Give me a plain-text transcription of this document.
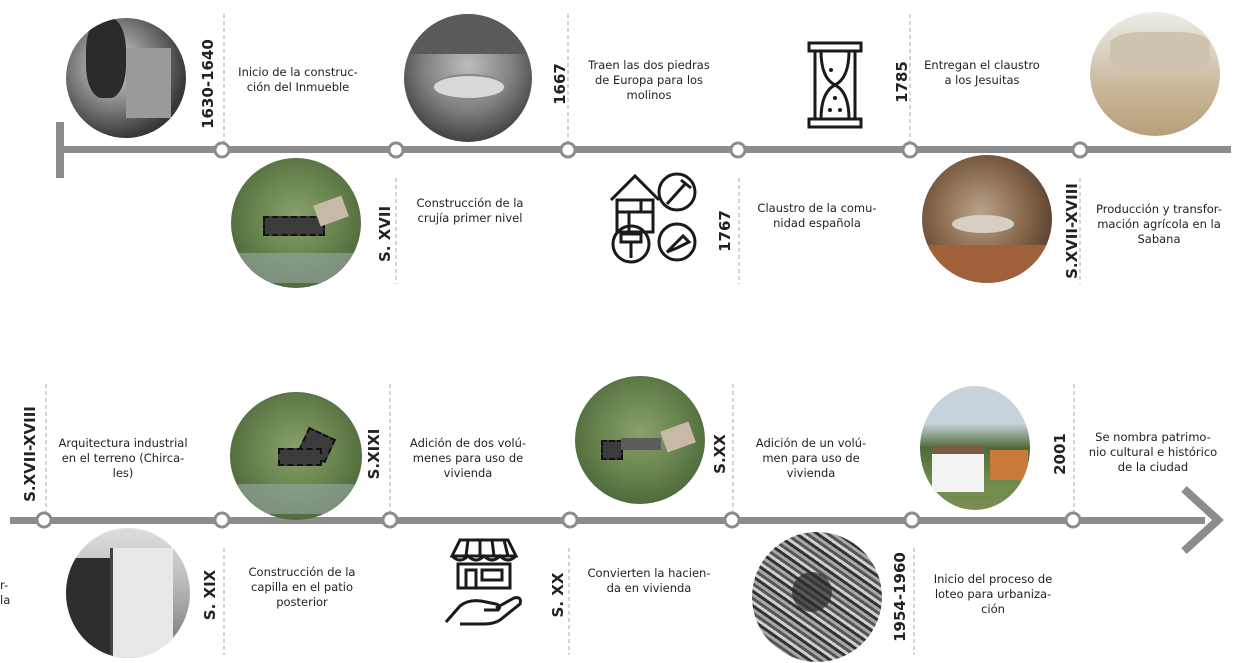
1630-1640
S. XVII
1667
1767
1785
S.XVII-XVIII
Inicio de la construc-
ción del Inmueble
Construcción de la
crujía primer nivel
Traen las dos piedras
de Europa para los
molinos
Claustro de la comu-
nidad española
Entregan el claustro
a los Jesuitas
Producción y transfor-
mación agrícola en la
Sabana
S.XVII-XVIII
S. XIX
S.XIXI
S. XX
S.XX
1954-1960
2001
Arquitectura industrial
en el terreno (Chirca-
les)
Construcción de la
capilla en el patio
posterior
Adición de dos volú-
menes para uso de
vivienda
Convierten la hacien-
da en vivienda
Adición de un volú-
men para uso de
vivienda
Inicio del proceso de
loteo para urbaniza-
ción
Se nombra patrimo-
nio cultural e histórico
de la ciudad
r-
la
